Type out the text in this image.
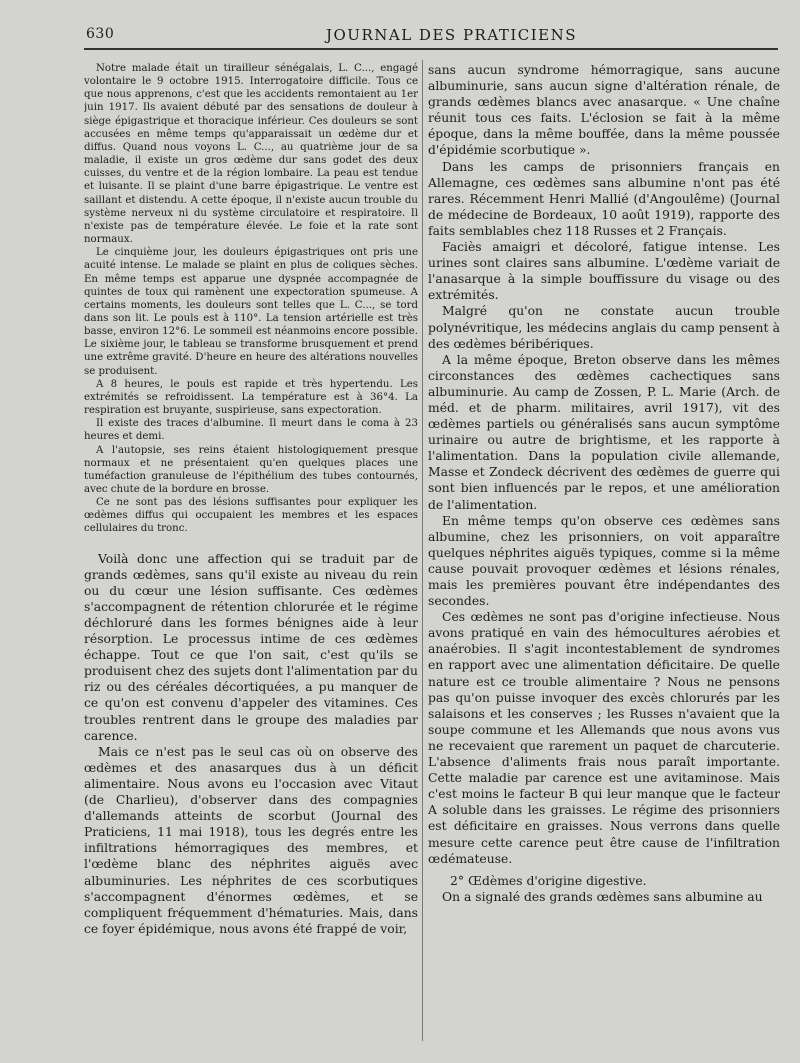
630	JOURNAL DES PRATICIENS

Notre malade était un tirailleur sénégalais, L. C..., engagé volontaire le 9 octobre 1915. Interrogatoire difficile. Tous ce que nous apprenons, c'est que les accidents remontaient au 1er juin 1917. Ils avaient débuté par des sensations de douleur à siège épigastrique et thoracique inférieur. Ces douleurs se sont accusées en même temps qu'apparaissait un œdème dur et diffus. Quand nous voyons L. C..., au quatrième jour de sa maladie, il existe un gros œdème dur sans godet des deux cuisses, du ventre et de la région lombaire. La peau est tendue et luisante. Il se plaint d'une barre épigastrique. Le ventre est saillant et distendu. A cette époque, il n'existe aucun trouble du système nerveux ni du système circulatoire et respiratoire. Il n'existe pas de température élevée. Le foie et la rate sont normaux.

Le cinquième jour, les douleurs épigastriques ont pris une acuité intense. Le malade se plaint en plus de coliques sèches. En même temps est apparue une dyspnée accompagnée de quintes de toux qui ramènent une expectoration spumeuse. A certains moments, les douleurs sont telles que L. C..., se tord dans son lit. Le pouls est à 110°. La tension artérielle est très basse, environ 12°6. Le sommeil est néanmoins encore possible. Le sixième jour, le tableau se transforme brusquement et prend une extrême gravité. D'heure en heure des altérations nouvelles se produisent.

A 8 heures, le pouls est rapide et très hypertendu. Les extrémités se refroidissent. La température est à 36°4. La respiration est bruyante, suspirieuse, sans expectoration.

Il existe des traces d'albumine. Il meurt dans le coma à 23 heures et demi.

A l'autopsie, ses reins étaient histologiquement presque normaux et ne présentaient qu'en quelques places une tuméfaction granuleuse de l'épithélium des tubes contournés, avec chute de la bordure en brosse.

Ce ne sont pas des lésions suffisantes pour expliquer les œdèmes diffus qui occupaient les membres et les espaces cellulaires du tronc.

Voilà donc une affection qui se traduit par de grands œdèmes, sans qu'il existe au niveau du rein ou du cœur une lésion suffisante. Ces œdèmes s'accompagnent de rétention chlorurée et le régime déchloruré dans les formes bénignes aide à leur résorption. Le processus intime de ces œdèmes échappe. Tout ce que l'on sait, c'est qu'ils se produisent chez des sujets dont l'alimentation par du riz ou des céréales décortiquées, a pu manquer de ce qu'on est convenu d'appeler des vitamines. Ces troubles rentrent dans le groupe des maladies par carence.

Mais ce n'est pas le seul cas où on observe des œdèmes et des anasarques dus à un déficit alimentaire. Nous avons eu l'occasion avec Vitaut (de Charlieu), d'observer dans des compagnies d'allemands atteints de scorbut (Journal des Praticiens, 11 mai 1918), tous les degrés entre les infiltrations hémorragiques des membres, et l'œdème blanc des néphrites aiguës avec albuminuries. Les néphrites de ces scorbutiques s'accompagnent d'énormes œdèmes, et se compliquent fréquemment d'hématuries. Mais, dans ce foyer épidémique, nous avons été frappé de voir,

sans aucun syndrome hémorragique, sans aucune albuminurie, sans aucun signe d'altération rénale, de grands œdèmes blancs avec anasarque. « Une chaîne réunit tous ces faits. L'éclosion se fait à la même époque, dans la même bouffée, dans la même poussée d'épidémie scorbutique ».

Dans les camps de prisonniers français en Allemagne, ces œdèmes sans albumine n'ont pas été rares. Récemment Henri Mallié (d'Angoulême) (Journal de médecine de Bordeaux, 10 août 1919), rapporte des faits semblables chez 118 Russes et 2 Français.

Faciès amaigri et décoloré, fatigue intense. Les urines sont claires sans albumine. L'œdème variait de l'anasarque à la simple bouffissure du visage ou des extrémités.

Malgré qu'on ne constate aucun trouble polynévritique, les médecins anglais du camp pensent à des œdèmes béribériques.

A la même époque, Breton observe dans les mêmes circonstances des œdèmes cachectiques sans albuminurie. Au camp de Zossen, P. L. Marie (Arch. de méd. et de pharm. militaires, avril 1917), vit des œdèmes partiels ou généralisés sans aucun symptôme urinaire ou autre de brightisme, et les rapporte à l'alimentation. Dans la population civile allemande, Masse et Zondeck décrivent des œdèmes de guerre qui sont bien influencés par le repos, et une amélioration de l'alimentation.

En même temps qu'on observe ces œdèmes sans albumine, chez les prisonniers, on voit apparaître quelques néphrites aiguës typiques, comme si la même cause pouvait provoquer œdèmes et lésions rénales, mais les premières pouvant être indépendantes des secondes.

Ces œdèmes ne sont pas d'origine infectieuse. Nous avons pratiqué en vain des hémocultures aérobies et anaérobies. Il s'agit incontestablement de syndromes en rapport avec une alimentation déficitaire. De quelle nature est ce trouble alimentaire ? Nous ne pensons pas qu'on puisse invoquer des excès chlorurés par les salaisons et les conserves ; les Russes n'avaient que la soupe commune et les Allemands que nous avons vus ne recevaient que rarement un paquet de charcuterie. L'absence d'aliments frais nous paraît importante. Cette maladie par carence est une avitaminose. Mais c'est moins le facteur B qui leur manque que le facteur A soluble dans les graisses. Le régime des prisonniers est déficitaire en graisses. Nous verrons dans quelle mesure cette carence peut être cause de l'infiltration œdémateuse.

2° Œdèmes d'origine digestive.

On a signalé des grands œdèmes sans albumine au
